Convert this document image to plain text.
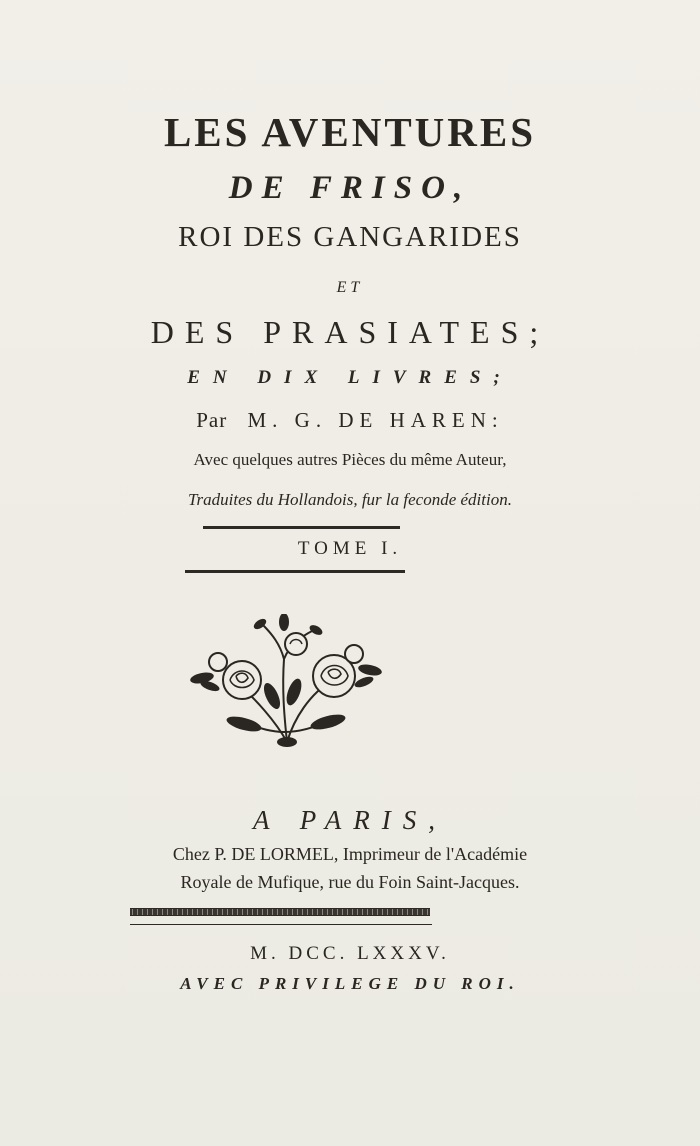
LES AVENTURES
DE FRISO,
ROI DES GANGARIDES
ET
DES PRASIATES;
EN DIX LIVRES;
Par M. G. DE HAREN:
Avec quelques autres Pièces du même Auteur,
Traduites du Hollandois, fur la feconde édition.
TOME I.
A PARIS,
Chez P. DE LORMEL, Imprimeur de l'Académie
Royale de Mufique, rue du Foin Saint-Jacques.
M. DCC. LXXXV.
AVEC PRIVILEGE DU ROI.
